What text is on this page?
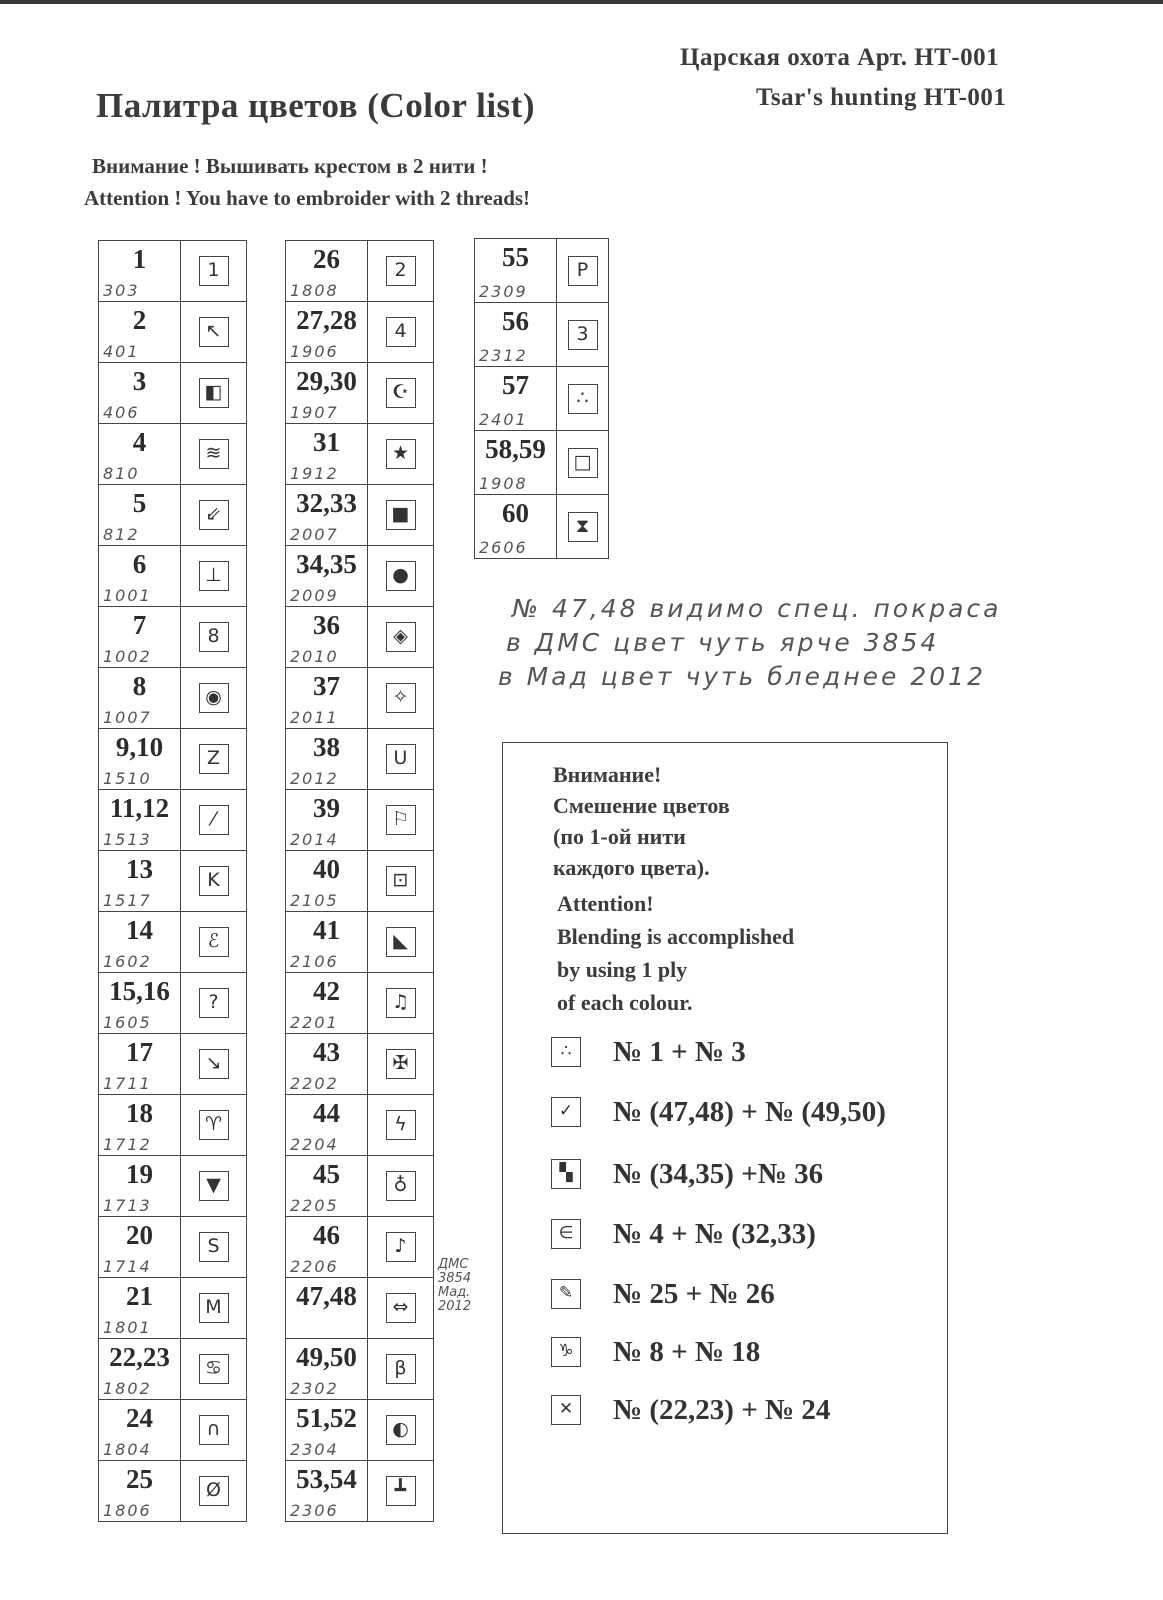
Царская охота Арт. НТ-001
Tsar's hunting HT-001
Палитра цветов (Color list)
Внимание ! Вышивать крестом в 2 нити !
Attention ! You have to embroider with 2 threads!
1
303	1

2
401	↖

3
406	◧

4
810	≋

5
812	⇙

6
1001	⊥

7
1002	8

8
1007	◉

9,10
1510	Z

11,12
1513	⁄

13
1517	K

14
1602	ℰ

15,16
1605	?

17
1711	↘

18
1712	♈

19
1713	▼

20
1714	S

21
1801	M

22,23
1802	♋

24
1804	∩

25
1806	Ø
26
1808	2

27,28
1906	4

29,30
1907	☪

31
1912	★

32,33
2007	■

34,35
2009	●

36
2010	◈

37
2011	✧

38
2012	U

39
2014	⚐

40
2105	⊡

41
2106	◣

42
2201	♫

43
2202	✠

44
2204	ϟ

45
2205	♁

46
2206	♪

47,48	⇔

49,50
2302	β

51,52
2304	◐

53,54
2306	┻
55
2309	P

56
2312	3

57
2401	∴

58,59
1908	□

60
2606	⧗
№ 47,48 видимо спец. покраса
в ДМС цвет чуть ярче 3854
в Мад цвет чуть бледнее 2012
ДМС
3854
Мад.
2012
Внимание!
Смешение цветов
(по 1-ой нити
каждого цвета).
Attention!
Blending is accomplished
by using 1 ply
of each colour.
∴	№ 1 + № 3
✓ № (47,48) + № (49,50)
▚ № (34,35) +№ 36
∈ № 4 + № (32,33)
✎ № 25 + № 26
♑ № 8 + № 18
✕ № (22,23) + № 24
